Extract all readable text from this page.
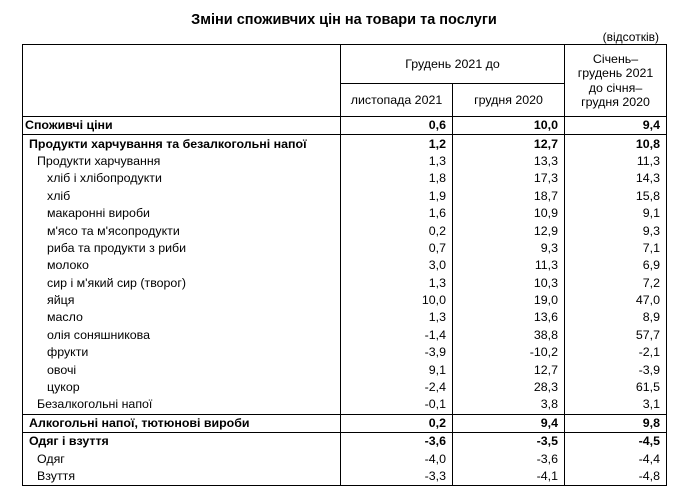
Зміни споживчих цін на товари та послуги
(відсотків)
	Грудень 2021 до		Січень–грудень 2021 до січня–грудня 2020
	листопада 2021	грудня 2020	
Споживчі ціни	0,6	10,0	9,4
Продукти харчування та безалкогольні напої	1,2	12,7	10,8
Продукти харчування	1,3	13,3	11,3
хліб і хлібопродукти	1,8	17,3	14,3
хліб	1,9	18,7	15,8
макаронні вироби	1,6	10,9	9,1
м'ясо та м'ясопродукти	0,2	12,9	9,3
риба та продукти з риби	0,7	9,3	7,1
молоко	3,0	11,3	6,9
сир і м'який сир (творог)	1,3	10,3	7,2
яйця	10,0	19,0	47,0
масло	1,3	13,6	8,9
олія соняшникова	-1,4	38,8	57,7
фрукти	-3,9	-10,2	-2,1
овочі	9,1	12,7	-3,9
цукор	-2,4	28,3	61,5
Безалкогольні напої	-0,1	3,8	3,1
Алкогольні напої, тютюнові вироби	0,2	9,4	9,8
Одяг і взуття	-3,6	-3,5	-4,5
Одяг	-4,0	-3,6	-4,4
Взуття	-3,3	-4,1	-4,8
